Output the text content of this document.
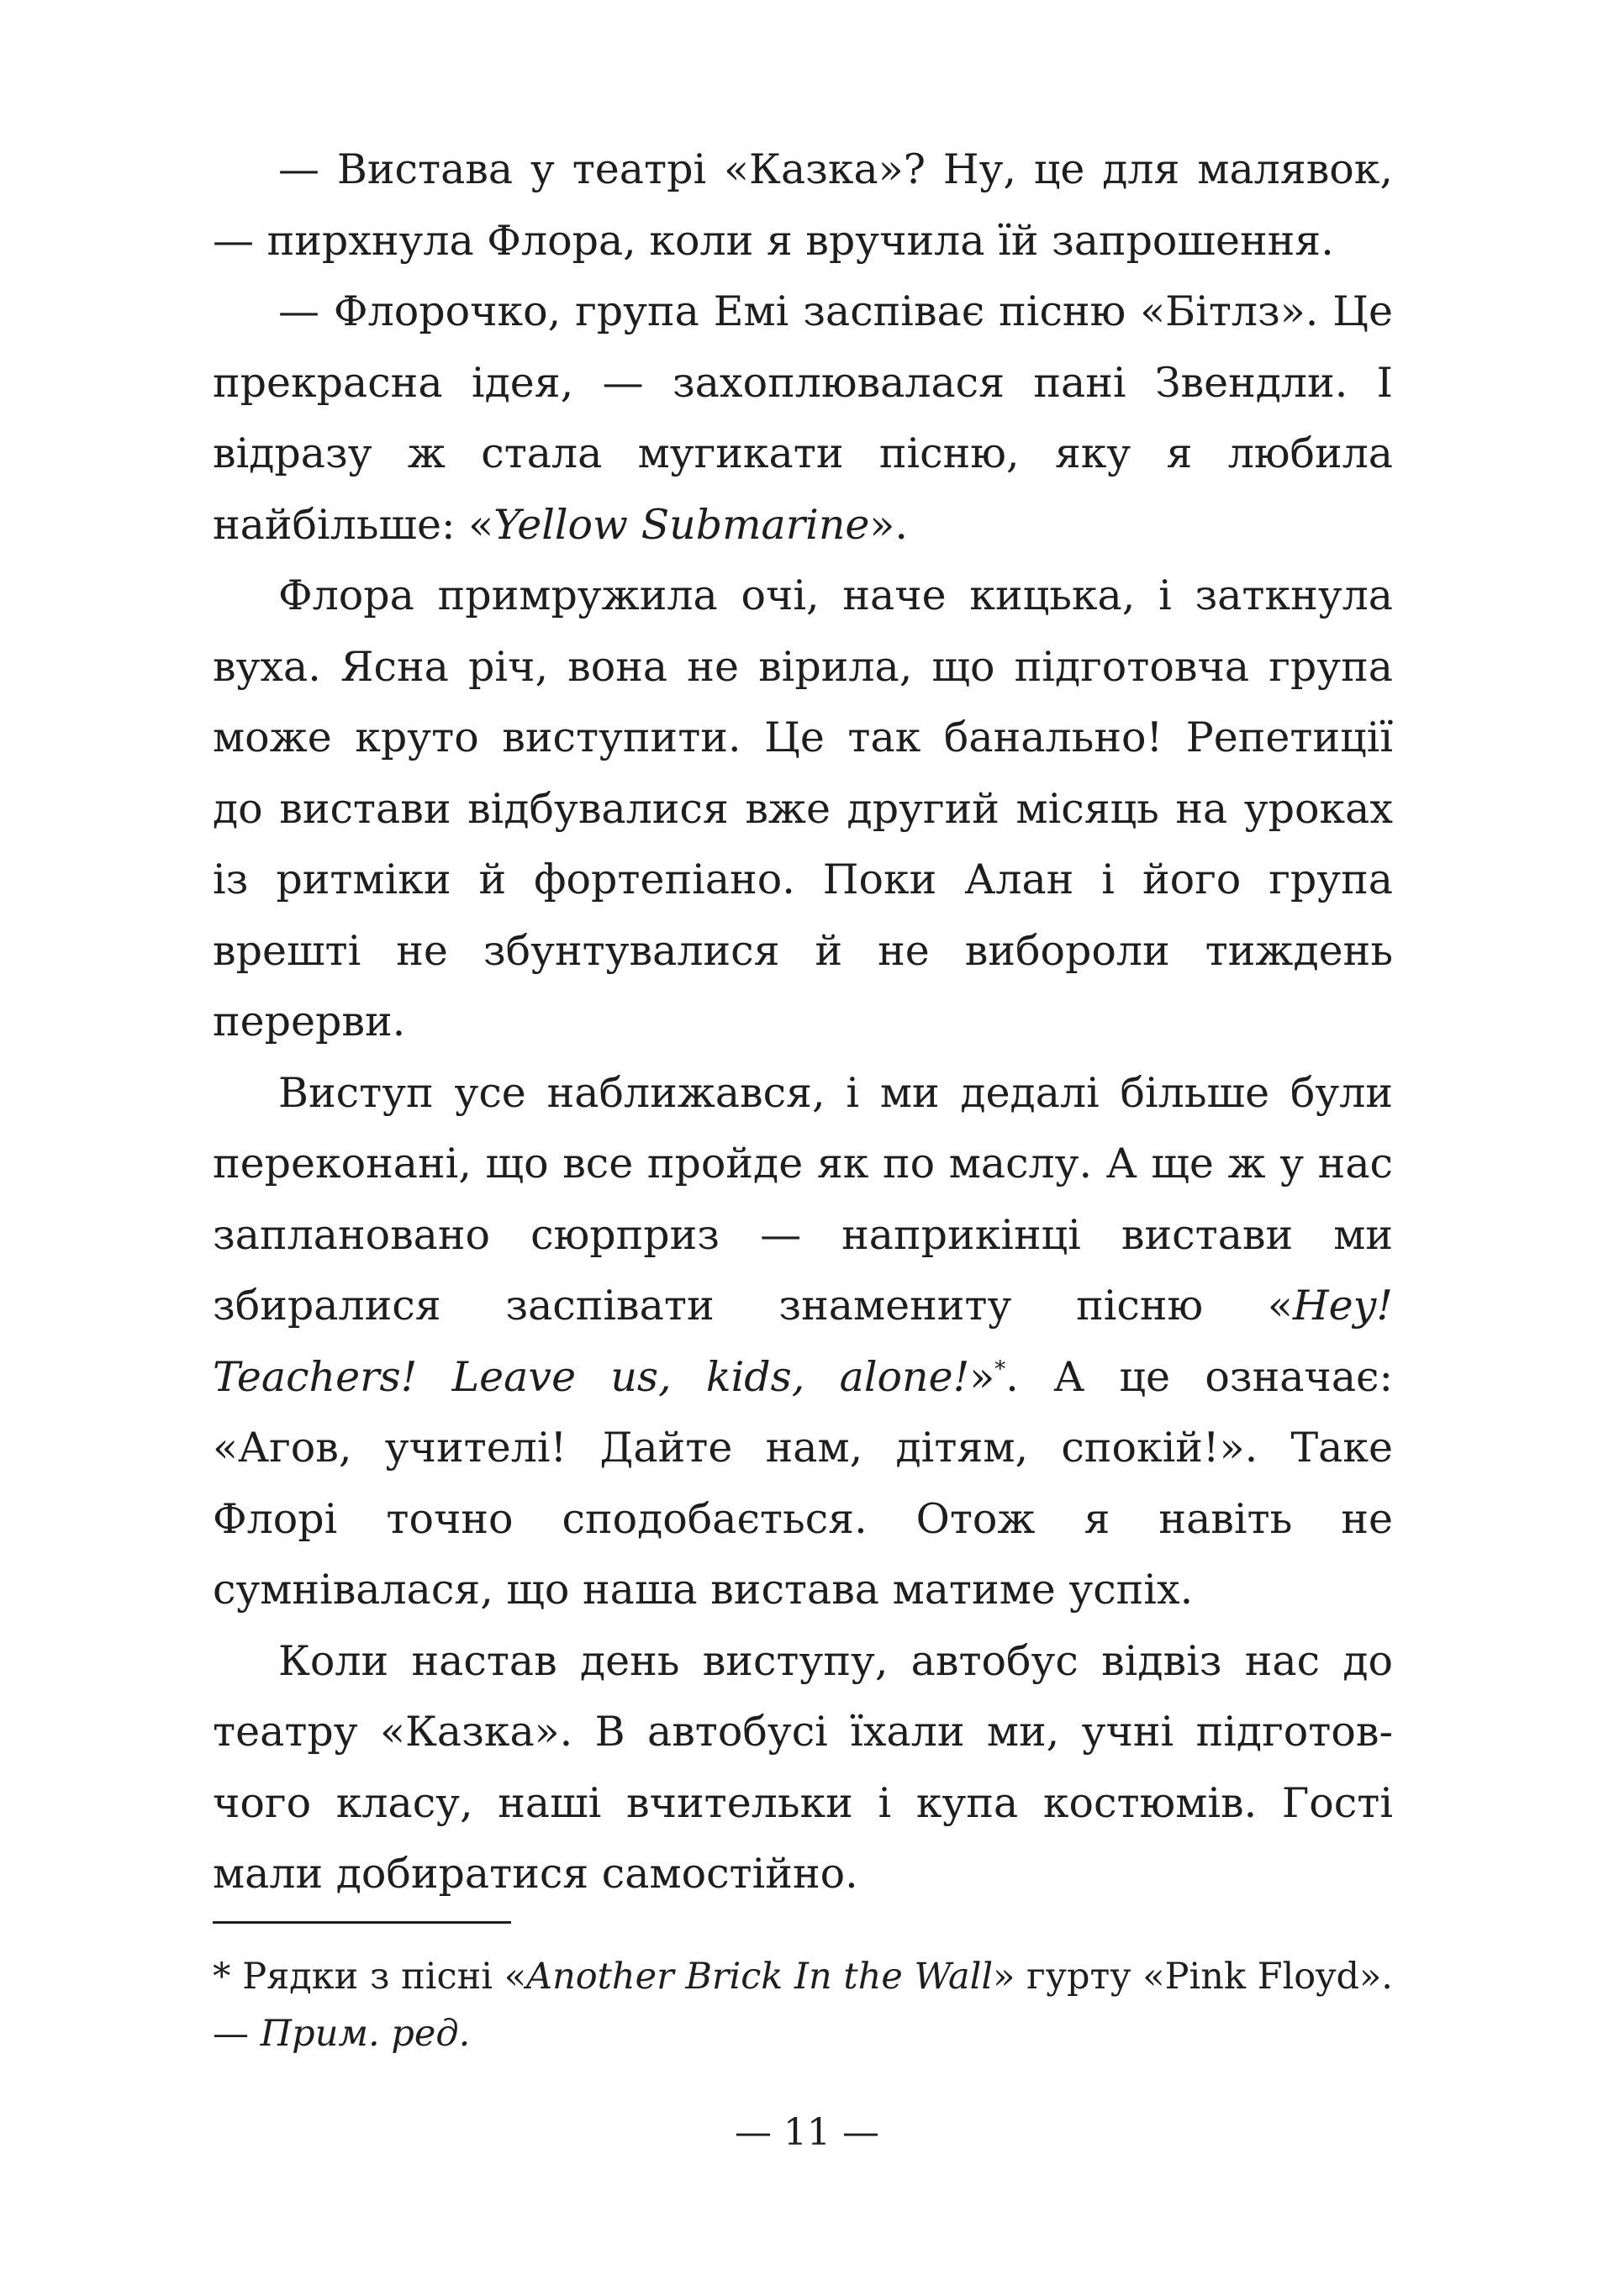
— Вистава у театрі «Казка»? Ну, це для малявок, — пирхнула Флора, коли я вручила їй запрошення.

— Флорочко, група Емі заспіває пісню «Бітлз». Це прекрасна ідея, — захоплювалася пані Звендли. І відразу ж стала мугикати пісню, яку я любила найбільше: «Yellow Submarine».

Флора примружила очі, наче кицька, і заткнула вуха. Ясна річ, вона не вірила, що підготовча група може круто виступити. Це так банально! Репетиції до вистави відбувалися вже другий місяць на уроках із ритміки й фортепіано. Поки Алан і його група врешті не збунтувалися й не вибороли тиждень перерви.

Виступ усе наближався, і ми дедалі більше були переконані, що все пройде як по маслу. А ще ж у нас заплановано сюрприз — наприкінці вистави ми збиралися заспівати знамениту пісню «Hey! Teachers! Leave us, kids, alone!»*. А це означає: «Агов, учителі! Дайте нам, дітям, спокій!». Таке Флорі точно сподобається. Отож я навіть не сумнівалася, що наша вистава матиме успіх.

Коли настав день виступу, автобус відвіз нас до театру «Казка». В автобусі їхали ми, учні підготовчого класу, наші вчительки і купа костюмів. Гості мали добиратися самостійно.

* Рядки з пісні «Another Brick In the Wall» гурту «Pink Floyd». — Прим. ред.

— 11 —
